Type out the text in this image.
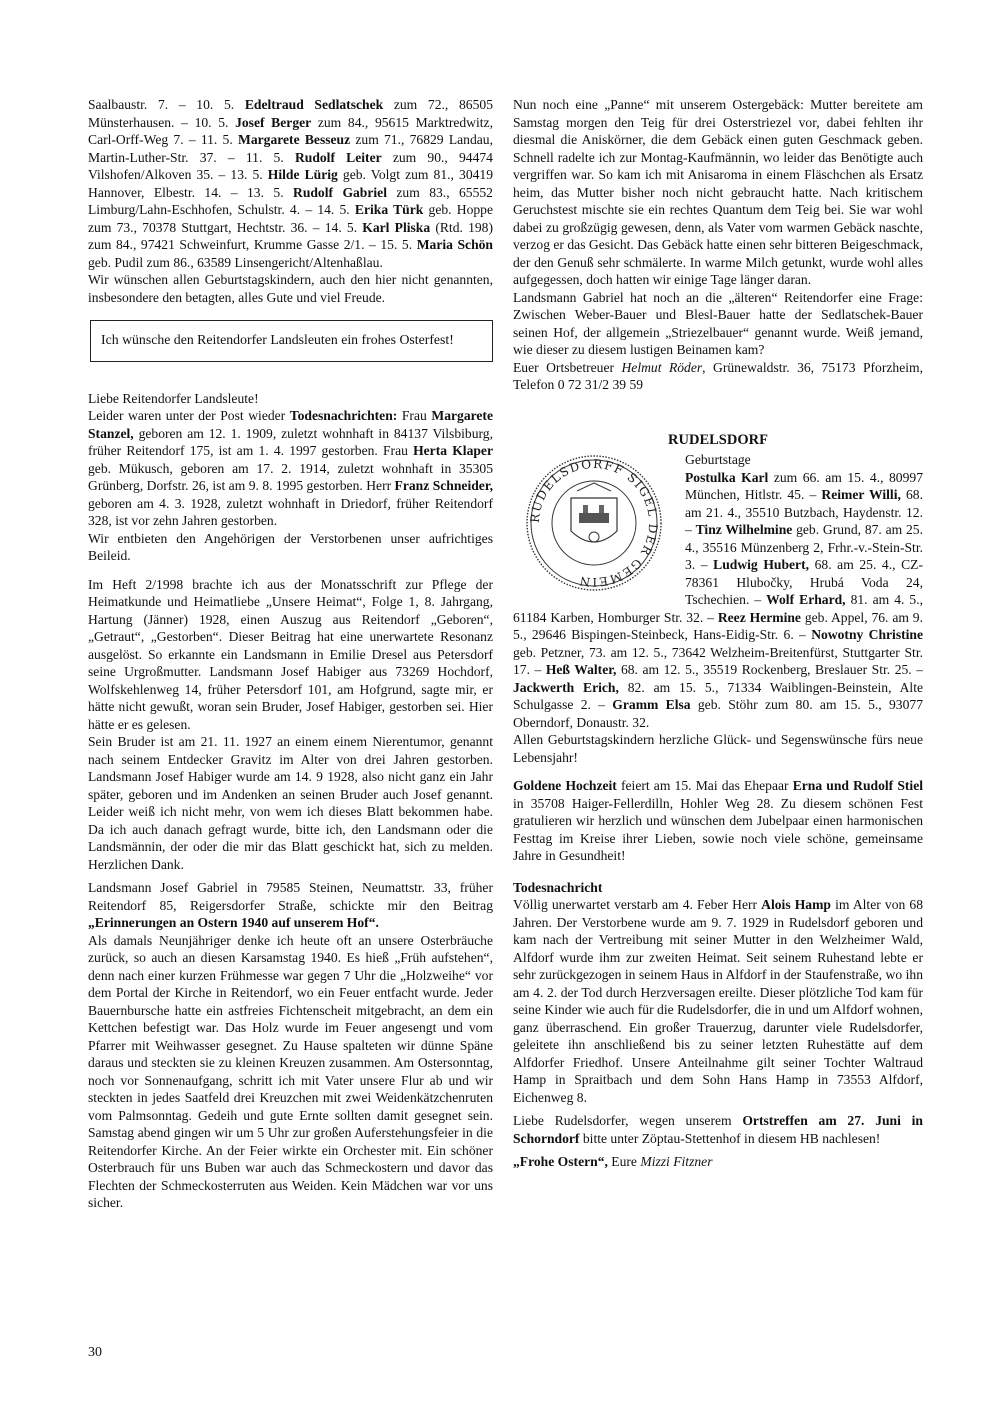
Saalbaustr. 7. – 10. 5. Edeltraud Sedlatschek zum 72., 86505 Münsterhausen. – 10. 5. Josef Berger zum 84., 95615 Marktredwitz, Carl-Orff-Weg 7. – 11. 5. Margarete Besseuz zum 71., 76829 Landau, Martin-Luther-Str. 37. – 11. 5. Rudolf Leiter zum 90., 94474 Vilshofen/Alkoven 35. – 13. 5. Hilde Lürig geb. Volgt zum 81., 30419 Hannover, Elbestr. 14. – 13. 5. Rudolf Gabriel zum 83., 65552 Limburg/Lahn-Eschhofen, Schulstr. 4. – 14. 5. Erika Türk geb. Hoppe zum 73., 70378 Stuttgart, Hechtstr. 36. – 14. 5. Karl Pliska (Rtd. 198) zum 84., 97421 Schweinfurt, Krumme Gasse 2/1. – 15. 5. Maria Schön geb. Pudil zum 86., 63589 Linsengericht/Altenhaßlau.

Wir wünschen allen Geburtstagskindern, auch den hier nicht genannten, insbesondere den betagten, alles Gute und viel Freude.

Ich wünsche den Reitendorfer Landsleuten ein frohes Osterfest!

Liebe Reitendorfer Landsleute!

Leider waren unter der Post wieder Todesnachrichten: Frau Margarete Stanzel, geboren am 12. 1. 1909, zuletzt wohnhaft in 84137 Vilsbiburg, früher Reitendorf 175, ist am 1. 4. 1997 gestorben. Frau Herta Klaper geb. Mükusch, geboren am 17. 2. 1914, zuletzt wohnhaft in 35305 Grünberg, Dorfstr. 26, ist am 9. 8. 1995 gestorben. Herr Franz Schneider, geboren am 4. 3. 1928, zuletzt wohnhaft in Driedorf, früher Reitendorf 328, ist vor zehn Jahren gestorben.

Wir entbieten den Angehörigen der Verstorbenen unser aufrichtiges Beileid.

Im Heft 2/1998 brachte ich aus der Monatsschrift zur Pflege der Heimatkunde und Heimatliebe „Unsere Heimat“, Folge 1, 8. Jahrgang, Hartung (Jänner) 1928, einen Auszug aus Reitendorf „Geboren“, „Getraut“, „Gestorben“. Dieser Beitrag hat eine unerwartete Resonanz ausgelöst. So erkannte ein Landsmann in Emilie Dresel aus Petersdorf seine Urgroßmutter. Landsmann Josef Habiger aus 73269 Hochdorf, Wolfskehlenweg 14, früher Petersdorf 101, am Hofgrund, sagte mir, er hätte nicht gewußt, woran sein Bruder, Josef Habiger, gestorben sei. Hier hätte er es gelesen.

Sein Bruder ist am 21. 11. 1927 an einem einem Nierentumor, genannt nach seinem Entdecker Gravitz im Alter von drei Jahren gestorben. Landsmann Josef Habiger wurde am 14. 9 1928, also nicht ganz ein Jahr später, geboren und im Andenken an seinen Bruder auch Josef genannt. Leider weiß ich nicht mehr, von wem ich dieses Blatt bekommen habe. Da ich auch danach gefragt wurde, bitte ich, den Landsmann oder die Landsmännin, der oder die mir das Blatt geschickt hat, sich zu melden. Herzlichen Dank.

Landsmann Josef Gabriel in 79585 Steinen, Neumattstr. 33, früher Reitendorf 85, Reigersdorfer Straße, schickte mir den Beitrag „Erinnerungen an Ostern 1940 auf unserem Hof“.

Als damals Neunjähriger denke ich heute oft an unsere Osterbräuche zurück, so auch an diesen Karsamstag 1940. Es hieß „Früh aufstehen“, denn nach einer kurzen Frühmesse war gegen 7 Uhr die „Holzweihe“ vor dem Portal der Kirche in Reitendorf, wo ein Feuer entfacht wurde. Jeder Bauernbursche hatte ein astfreies Fichtenscheit mitgebracht, an dem ein Kettchen befestigt war. Das Holz wurde im Feuer angesengt und vom Pfarrer mit Weihwasser gesegnet. Zu Hause spalteten wir dünne Späne daraus und steckten sie zu kleinen Kreuzen zusammen. Am Ostersonntag, noch vor Sonnenaufgang, schritt ich mit Vater unsere Flur ab und wir steckten in jedes Saatfeld drei Kreuzchen mit zwei Weidenkätzchenruten vom Palmsonntag. Gedeih und gute Ernte sollten damit gesegnet sein. Samstag abend gingen wir um 5 Uhr zur großen Auferstehungsfeier in die Reitendorfer Kirche. An der Feier wirkte ein Orchester mit. Ein schöner Osterbrauch für uns Buben war auch das Schmeckostern und davor das Flechten der Schmeckosterruten aus Weiden. Kein Mädchen war vor uns sicher.

Nun noch eine „Panne“ mit unserem Ostergebäck: Mutter bereitete am Samstag morgen den Teig für drei Osterstriezel vor, dabei fehlten ihr diesmal die Aniskörner, die dem Gebäck einen guten Geschmack geben. Schnell radelte ich zur Montag-Kaufmännin, wo leider das Benötigte auch vergriffen war. So kam ich mit Anisaroma in einem Fläschchen als Ersatz heim, das Mutter bisher noch nicht gebraucht hatte. Nach kritischem Geruchstest mischte sie ein rechtes Quantum dem Teig bei. Sie war wohl dabei zu großzügig gewesen, denn, als Vater vom warmen Gebäck naschte, verzog er das Gesicht. Das Gebäck hatte einen sehr bitteren Beigeschmack, der den Genuß sehr schmälerte. In warme Milch getunkt, wurde wohl alles aufgegessen, doch hatten wir einige Tage länger daran.

Landsmann Gabriel hat noch an die „älteren“ Reitendorfer eine Frage: Zwischen Weber-Bauer und Blesl-Bauer hatte der Sedlatschek-Bauer seinen Hof, der allgemein „Striezelbauer“ genannt wurde. Weiß jemand, wie dieser zu diesem lustigen Beinamen kam?

Euer Ortsbetreuer Helmut Röder, Grünewaldstr. 36, 75173 Pforzheim, Telefon 0 72 31/2 39 59

RUDELSDORF
RUDELSDORFF SIGEL DER GEMEIN

Geburtstage

Postulka Karl zum 66. am 15. 4., 80997 München, Hitlstr. 45. – Reimer Willi, 68. am 21. 4., 35510 Butzbach, Haydenstr. 12. – Tinz Wilhelmine geb. Grund, 87. am 25. 4., 35516 Münzenberg 2, Frhr.-v.-Stein-Str. 3. – Ludwig Hubert, 68. am 25. 4., CZ-78361 Hlubočky, Hrubá Voda 24, Tschechien. – Wolf Erhard, 81. am 4. 5., 61184 Karben, Homburger Str. 32. – Reez Hermine geb. Appel, 76. am 9. 5., 29646 Bispingen-Steinbeck, Hans-Eidig-Str. 6. – Nowotny Christine geb. Petzner, 73. am 12. 5., 73642 Welzheim-Breitenfürst, Stuttgarter Str. 17. – Heß Walter, 68. am 12. 5., 35519 Rockenberg, Breslauer Str. 25. – Jackwerth Erich, 82. am 15. 5., 71334 Waiblingen-Beinstein, Alte Schulgasse 2. – Gramm Elsa geb. Stöhr zum 80. am 15. 5., 93077 Oberndorf, Donaustr. 32.

Allen Geburtstagskindern herzliche Glück- und Segenswünsche fürs neue Lebensjahr!

Goldene Hochzeit feiert am 15. Mai das Ehepaar Erna und Rudolf Stiel in 35708 Haiger-Fellerdilln, Hohler Weg 28. Zu diesem schönen Fest gratulieren wir herzlich und wünschen dem Jubelpaar einen harmonischen Festtag im Kreise ihrer Lieben, sowie noch viele schöne, gemeinsame Jahre in Gesundheit!

Todesnachricht

Völlig unerwartet verstarb am 4. Feber Herr Alois Hamp im Alter von 68 Jahren. Der Verstorbene wurde am 9. 7. 1929 in Rudelsdorf geboren und kam nach der Vertreibung mit seiner Mutter in den Welzheimer Wald, Alfdorf wurde ihm zur zweiten Heimat. Seit seinem Ruhestand lebte er sehr zurückgezogen in seinem Haus in Alfdorf in der Staufenstraße, wo ihn am 4. 2. der Tod durch Herzversagen ereilte. Dieser plötzliche Tod kam für seine Kinder wie auch für die Rudelsdorfer, die in und um Alfdorf wohnen, ganz überraschend. Ein großer Trauerzug, darunter viele Rudelsdorfer, geleitete ihn anschließend bis zu seiner letzten Ruhestätte auf dem Alfdorfer Friedhof. Unsere Anteilnahme gilt seiner Tochter Waltraud Hamp in Spraitbach und dem Sohn Hans Hamp in 73553 Alfdorf, Eichenweg 8.

Liebe Rudelsdorfer, wegen unserem Ortstreffen am 27. Juni in Schorndorf bitte unter Zöptau-Stettenhof in diesem HB nachlesen!

„Frohe Ostern“, Eure Mizzi Fitzner

30
